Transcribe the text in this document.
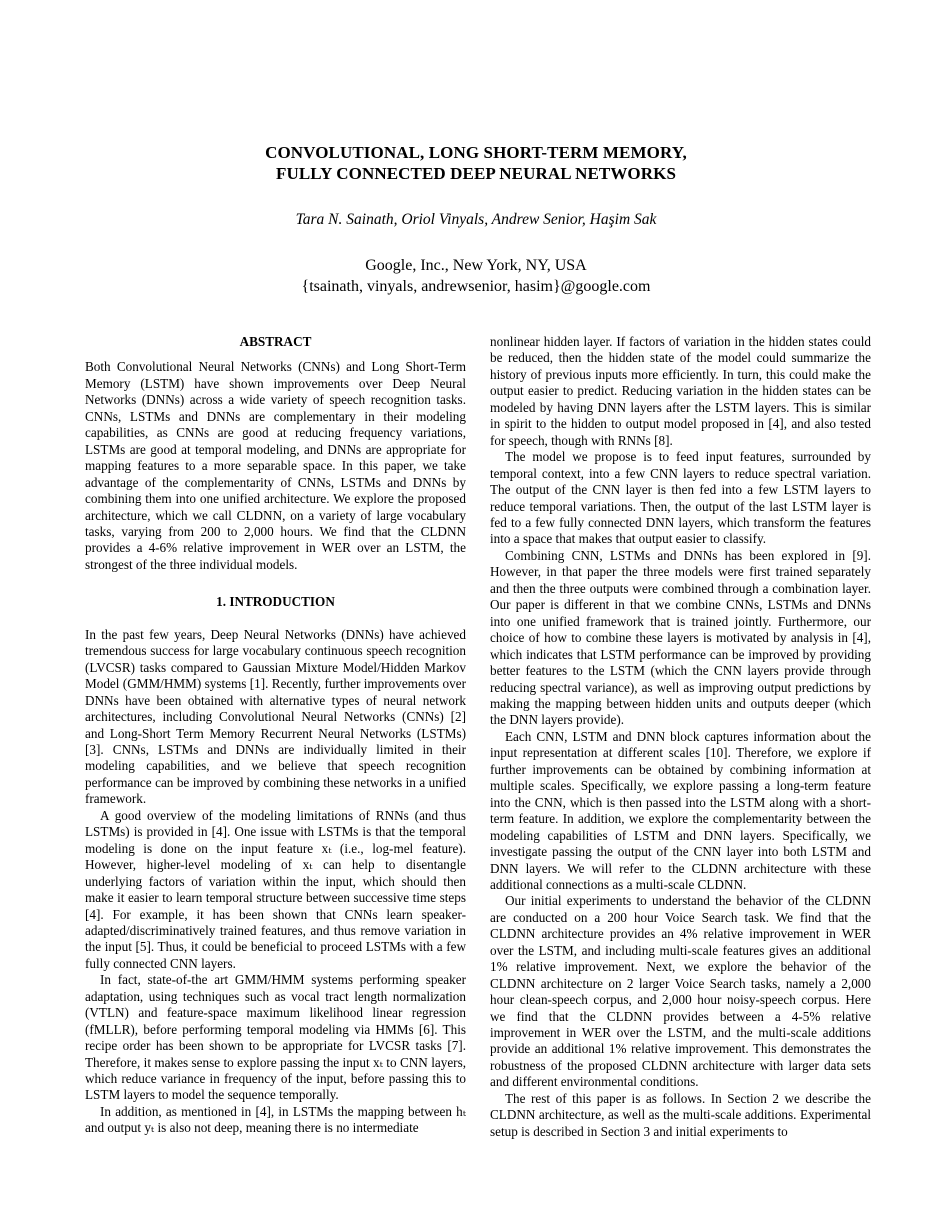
CONVOLUTIONAL, LONG SHORT-TERM MEMORY,
FULLY CONNECTED DEEP NEURAL NETWORKS
Tara N. Sainath, Oriol Vinyals, Andrew Senior, Haşim Sak
Google, Inc., New York, NY, USA
{tsainath, vinyals, andrewsenior, hasim}@google.com
ABSTRACT

Both Convolutional Neural Networks (CNNs) and Long Short-Term Memory (LSTM) have shown improvements over Deep Neural Networks (DNNs) across a wide variety of speech recognition tasks. CNNs, LSTMs and DNNs are complementary in their modeling capabilities, as CNNs are good at reducing frequency variations, LSTMs are good at temporal modeling, and DNNs are appropriate for mapping features to a more separable space. In this paper, we take advantage of the complementarity of CNNs, LSTMs and DNNs by combining them into one unified architecture. We explore the proposed architecture, which we call CLDNN, on a variety of large vocabulary tasks, varying from 200 to 2,000 hours. We find that the CLDNN provides a 4-6% relative improvement in WER over an LSTM, the strongest of the three individual models.

1. INTRODUCTION

In the past few years, Deep Neural Networks (DNNs) have achieved tremendous success for large vocabulary continuous speech recognition (LVCSR) tasks compared to Gaussian Mixture Model/Hidden Markov Model (GMM/HMM) systems [1]. Recently, further improvements over DNNs have been obtained with alternative types of neural network architectures, including Convolutional Neural Networks (CNNs) [2] and Long-Short Term Memory Recurrent Neural Networks (LSTMs) [3]. CNNs, LSTMs and DNNs are individually limited in their modeling capabilities, and we believe that speech recognition performance can be improved by combining these networks in a unified framework.

A good overview of the modeling limitations of RNNs (and thus LSTMs) is provided in [4]. One issue with LSTMs is that the temporal modeling is done on the input feature xₜ (i.e., log-mel feature). However, higher-level modeling of xₜ can help to disentangle underlying factors of variation within the input, which should then make it easier to learn temporal structure between successive time steps [4]. For example, it has been shown that CNNs learn speaker-adapted/discriminatively trained features, and thus remove variation in the input [5]. Thus, it could be beneficial to proceed LSTMs with a few fully connected CNN layers.

In fact, state-of-the art GMM/HMM systems performing speaker adaptation, using techniques such as vocal tract length normalization (VTLN) and feature-space maximum likelihood linear regression (fMLLR), before performing temporal modeling via HMMs [6]. This recipe order has been shown to be appropriate for LVCSR tasks [7]. Therefore, it makes sense to explore passing the input xₜ to CNN layers, which reduce variance in frequency of the input, before passing this to LSTM layers to model the sequence temporally.

In addition, as mentioned in [4], in LSTMs the mapping between hₜ and output yₜ is also not deep, meaning there is no intermediate

nonlinear hidden layer. If factors of variation in the hidden states could be reduced, then the hidden state of the model could summarize the history of previous inputs more efficiently. In turn, this could make the output easier to predict. Reducing variation in the hidden states can be modeled by having DNN layers after the LSTM layers. This is similar in spirit to the hidden to output model proposed in [4], and also tested for speech, though with RNNs [8].

The model we propose is to feed input features, surrounded by temporal context, into a few CNN layers to reduce spectral variation. The output of the CNN layer is then fed into a few LSTM layers to reduce temporal variations. Then, the output of the last LSTM layer is fed to a few fully connected DNN layers, which transform the features into a space that makes that output easier to classify.

Combining CNN, LSTMs and DNNs has been explored in [9]. However, in that paper the three models were first trained separately and then the three outputs were combined through a combination layer. Our paper is different in that we combine CNNs, LSTMs and DNNs into one unified framework that is trained jointly. Furthermore, our choice of how to combine these layers is motivated by analysis in [4], which indicates that LSTM performance can be improved by providing better features to the LSTM (which the CNN layers provide through reducing spectral variance), as well as improving output predictions by making the mapping between hidden units and outputs deeper (which the DNN layers provide).

Each CNN, LSTM and DNN block captures information about the input representation at different scales [10]. Therefore, we explore if further improvements can be obtained by combining information at multiple scales. Specifically, we explore passing a long-term feature into the CNN, which is then passed into the LSTM along with a short-term feature. In addition, we explore the complementarity between the modeling capabilities of LSTM and DNN layers. Specifically, we investigate passing the output of the CNN layer into both LSTM and DNN layers. We will refer to the CLDNN architecture with these additional connections as a multi-scale CLDNN.

Our initial experiments to understand the behavior of the CLDNN are conducted on a 200 hour Voice Search task. We find that the CLDNN architecture provides an 4% relative improvement in WER over the LSTM, and including multi-scale features gives an additional 1% relative improvement. Next, we explore the behavior of the CLDNN architecture on 2 larger Voice Search tasks, namely a 2,000 hour clean-speech corpus, and 2,000 hour noisy-speech corpus. Here we find that the CLDNN provides between a 4-5% relative improvement in WER over the LSTM, and the multi-scale additions provide an additional 1% relative improvement. This demonstrates the robustness of the proposed CLDNN architecture with larger data sets and different environmental conditions.

The rest of this paper is as follows. In Section 2 we describe the CLDNN architecture, as well as the multi-scale additions. Experimental setup is described in Section 3 and initial experiments to
